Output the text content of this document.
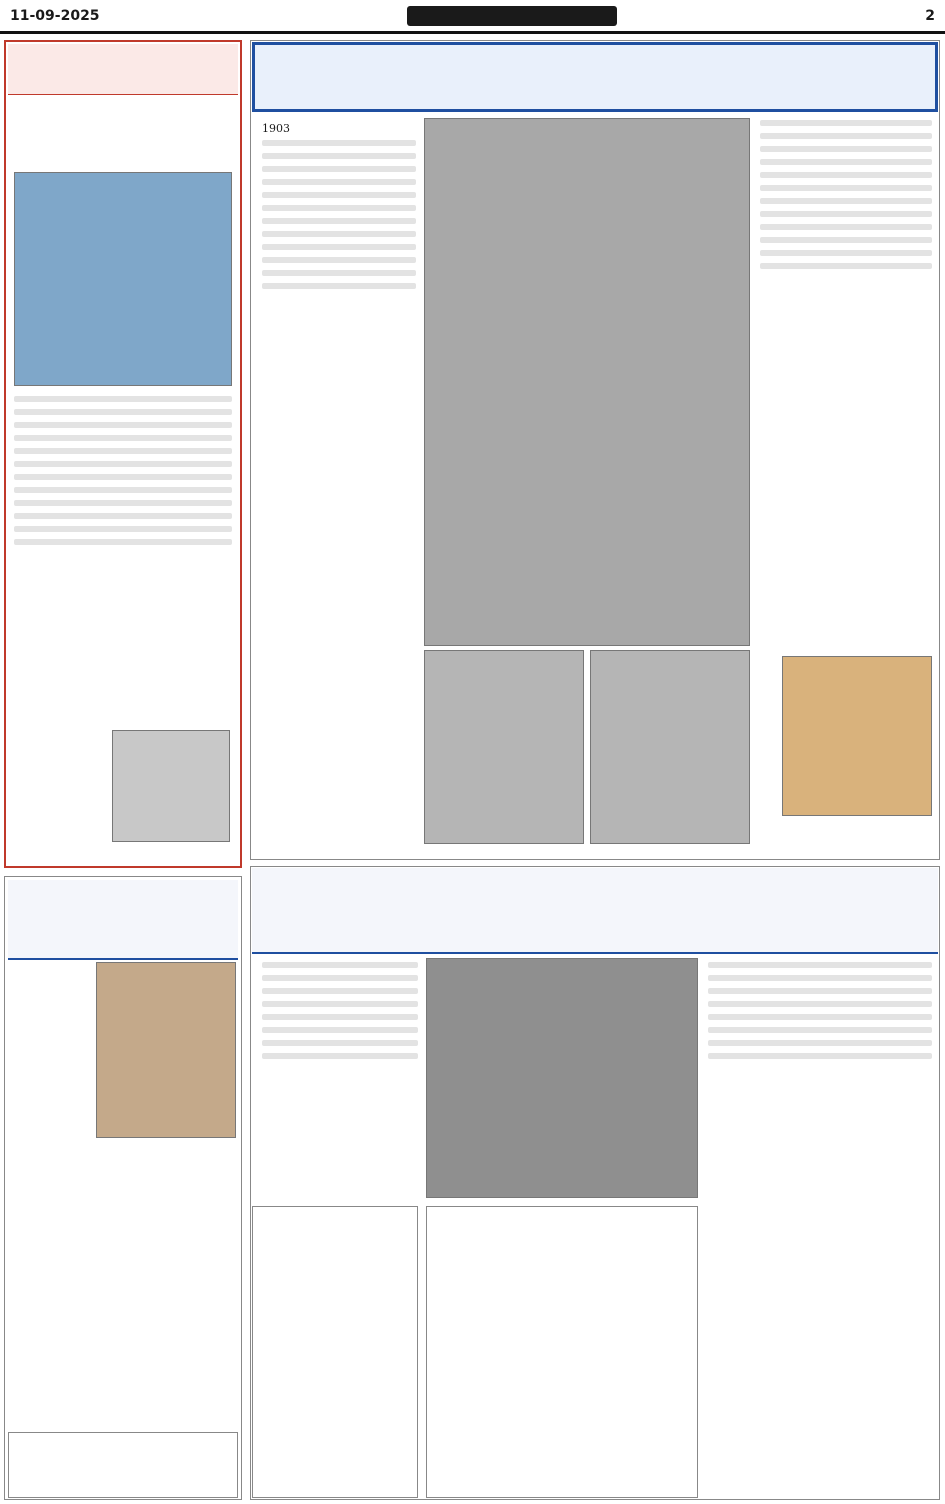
11-09-2025	2
1903
